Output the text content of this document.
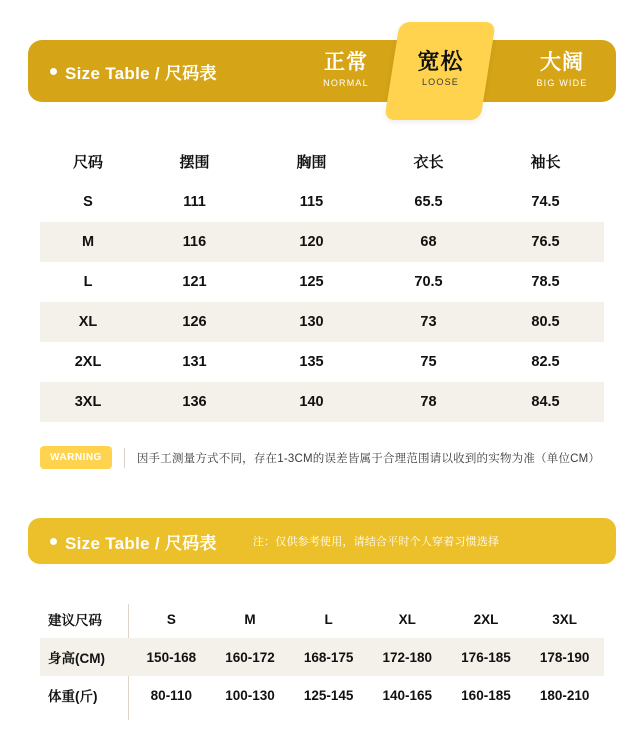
Size Table / 尺码表	正常
NORMAL
大阔
BIG WIDE
宽松
LOOSE
尺码	摆围	胸围	衣长	袖长
S	111	115	65.5	74.5
M	116	120	68	76.5
L	121	125	70.5	78.5
XL	126	130	73	80.5
2XL	131	135	75	82.5
3XL	136	140	78	84.5
WARNING	因手工测量方式不同，存在1-3CM的误差皆属于合理范围请以收到的实物为准（单位CM）
Size Table / 尺码表	注：仅供参考使用，请结合平时个人穿着习惯选择
建议尺码	S	M	L	XL	2XL	3XL
身高(CM)	150-168	160-172	168-175	172-180	176-185	178-190
体重(斤)	80-110	100-130	125-145	140-165	160-185	180-210
